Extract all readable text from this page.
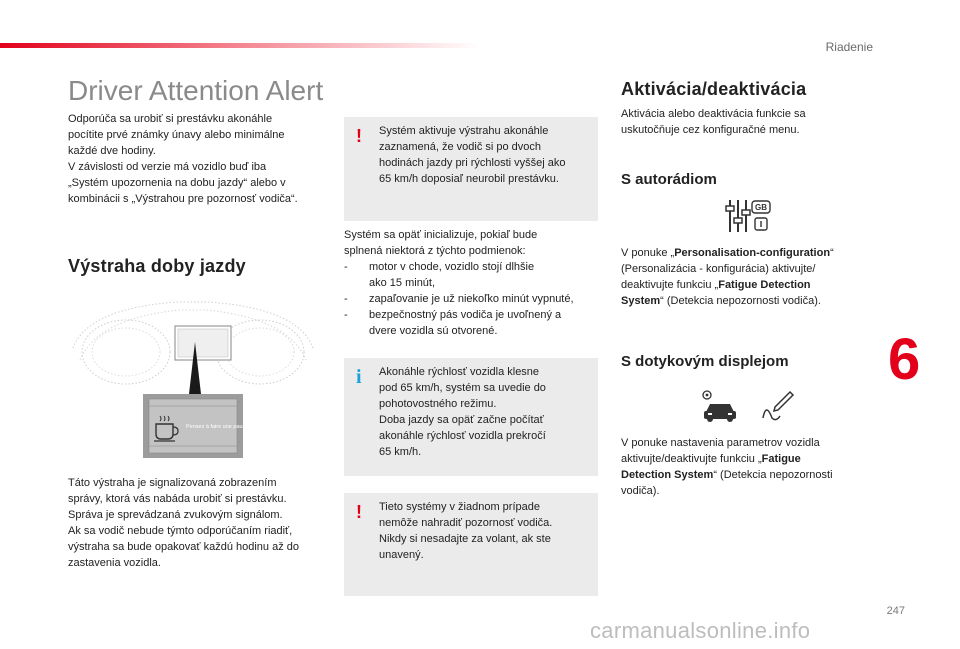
Riadenie
6
Driver Attention Alert

Odporúča sa urobiť si prestávku akonáhle

pocítite prvé známky únavy alebo minimálne

každé dve hodiny.

V závislosti od verzie má vozidlo buď iba

„Systém upozornenia na dobu jazdy“ alebo v

kombinácii s „Výstrahou pre pozornosť vodiča“.

Výstraha doby jazdy
Pensez à faire une pause

Táto výstraha je signalizovaná zobrazením

správy, ktorá vás nabáda urobiť si prestávku.

Správa je sprevádzaná zvukovým signálom.

Ak sa vodič nebude týmto odporúčaním riadiť,

výstraha sa bude opakovať každú hodinu až do

zastavenia vozidla.

! Systém aktivuje výstrahu akonáhle

zaznamená, že vodič si po dvoch

hodinách jazdy pri rýchlosti vyššej ako

65 km/h doposiaľ neurobil prestávku.

Systém sa opäť inicializuje, pokiaľ bude

splnená niektorá z týchto podmienok:

-	motor v chode, vozidlo stojí dlhšie

ako 15 minút,

-	zapaľovanie je už niekoľko minút vypnuté,

-	bezpečnostný pás vodiča je uvoľnený a

dvere vozidla sú otvorené.

i Akonáhle rýchlosť vozidla klesne

pod 65 km/h, systém sa uvedie do

pohotovostného režimu.

Doba jazdy sa opäť začne počítať

akonáhle rýchlosť vozidla prekročí

65 km/h.

! Tieto systémy v žiadnom prípade

nemôže nahradiť pozornosť vodiča.

Nikdy si nesadajte za volant, ak ste

unavený.

Aktivácia/deaktivácia

Aktivácia alebo deaktivácia funkcie sa

uskutočňuje cez konfiguračné menu.

S autorádiom
GB

V ponuke „Personalisation-configuration“

(Personalizácia - konfigurácia) aktivujte/

deaktivujte funkciu „Fatigue Detection

System“ (Detekcia nepozornosti vodiča).

S dotykovým displejom

V ponuke nastavenia parametrov vozidla

aktivujte/deaktivujte funkciu „Fatigue

Detection System“ (Detekcia nepozornosti

vodiča).

247
carmanualsonline.info
